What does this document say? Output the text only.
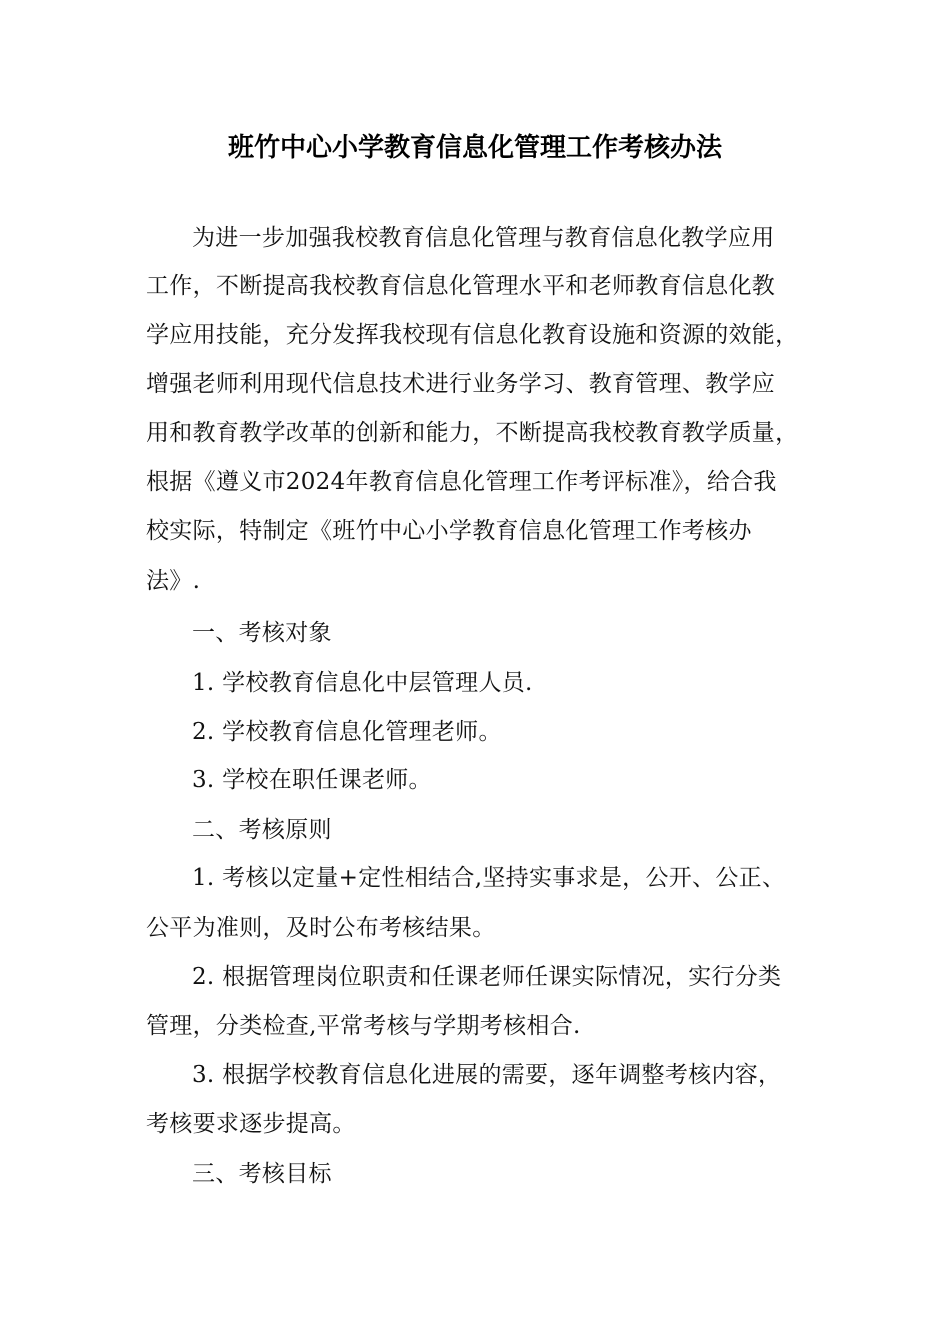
班竹中心小学教育信息化管理工作考核办法
为进一步加强我校教育信息化管理与教育信息化教学应用
工作，不断提高我校教育信息化管理水平和老师教育信息化教
学应用技能，充分发挥我校现有信息化教育设施和资源的效能，
增强老师利用现代信息技术进行业务学习、教育管理、教学应
用和教育教学改革的创新和能力，不断提高我校教育教学质量，
根据《遵义市2024年教育信息化管理工作考评标准》，给合我
校实际，特制定《班竹中心小学教育信息化管理工作考核办
法》.
一、考核对象
1. 学校教育信息化中层管理人员.
2. 学校教育信息化管理老师。
3. 学校在职任课老师。
二、考核原则
1. 考核以定量+定性相结合,坚持实事求是，公开、公正、
公平为准则，及时公布考核结果。
2. 根据管理岗位职责和任课老师任课实际情况，实行分类
管理，分类检查,平常考核与学期考核相合.
3. 根据学校教育信息化进展的需要，逐年调整考核内容，
考核要求逐步提高。
三、考核目标
